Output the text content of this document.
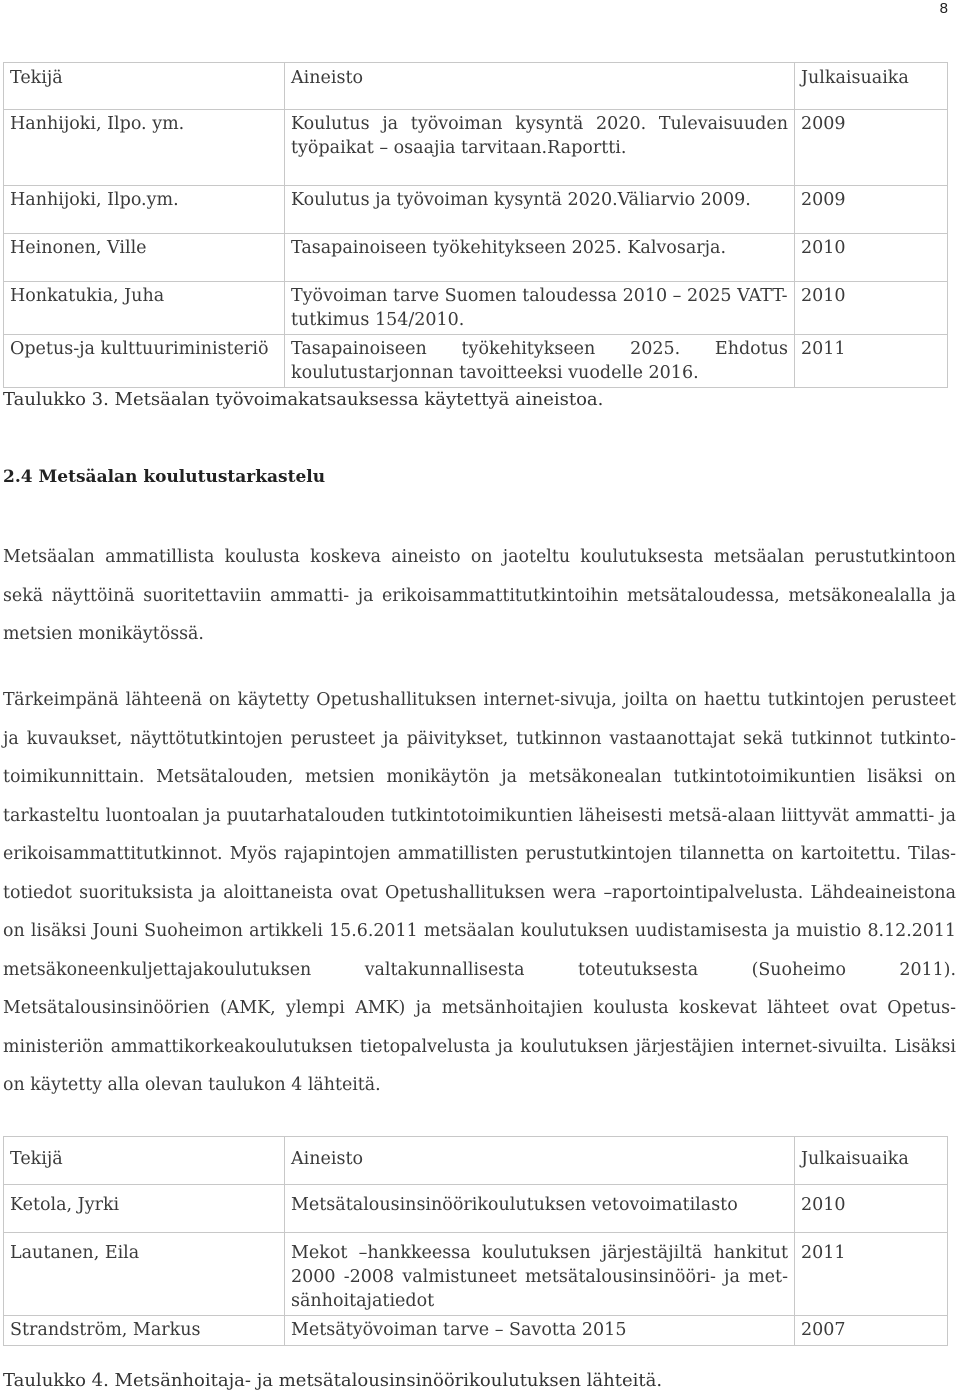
8
Tekijä	Aineisto	Julkaisuaika
Hanhijoki, Ilpo. ym.	Koulutus ja työvoiman kysyntä 2020. Tulevaisuuden työpaikat – osaajia tarvitaan.Raportti.	2009
Hanhijoki, Ilpo.ym.	Koulutus ja työvoiman kysyntä 2020.Väliarvio 2009.	2009
Heinonen, Ville	Tasapainoiseen työkehitykseen 2025. Kalvosarja.	2010
Honkatukia, Juha	Työvoiman tarve Suomen taloudessa 2010 – 2025 VATT- tutkimus 154/2010.	2010
Opetus-ja kulttuuriministeriö	Tasapainoiseen työkehitykseen 2025. Ehdotus koulutustarjonnan tavoitteeksi vuodelle 2016.	2011
Taulukko 3. Metsäalan työvoimakatsauksessa käytettyä aineistoa.
2.4 Metsäalan koulutustarkastelu

Metsäalan ammatillista koulusta koskeva aineisto on jaoteltu koulutuksesta metsäalan perustutkintoon sekä näyttöinä suoritettaviin ammatti- ja erikoisammattitutkintoihin metsätaloudessa, metsäkonealalla ja metsien monikäytössä.

Tärkeimpänä lähteenä on käytetty Opetushallituksen internet-sivuja, joilta on haettu tutkintojen perusteet ja kuvaukset, näyttötutkintojen perusteet ja päivitykset, tutkinnon vastaanottajat sekä tutkinnot tutkintotoimikunnittain. Metsätalouden, metsien monikäytön ja metsäkonealan tutkintotoimikuntien lisäksi on tarkasteltu luontoalan ja puutarhatalouden tutkintotoimikuntien läheisesti metsä-alaan liittyvät ammatti- ja erikoisammattitutkinnot. Myös rajapintojen ammatillisten perustutkintojen tilannetta on kartoitettu. Tilastotiedot suorituksista ja aloittaneista ovat Opetushallituksen wera –raportointipalvelusta. Lähdeaineistona on lisäksi Jouni Suoheimon artikkeli 15.6.2011 metsäalan koulutuksen uudistamisesta ja muistio 8.12.2011 metsäkoneenkuljettajakoulutuksen valtakunnallisesta toteutuksesta (Suoheimo 2011). Metsätalousinsinöörien (AMK, ylempi AMK) ja metsänhoitajien koulusta koskevat lähteet ovat Opetusministeriön ammattikorkeakoulutuksen tietopalvelusta ja koulutuksen järjestäjien internet-sivuilta. Lisäksi on käytetty alla olevan taulukon 4 lähteitä.

Tekijä	Aineisto	Julkaisuaika
Ketola, Jyrki	Metsätalousinsinöörikoulutuksen vetovoimatilasto	2010
Lautanen, Eila	Mekot –hankkeessa koulutuksen järjestäjiltä hankitut 2000 -2008 valmistuneet metsätalousinsinööri- ja metsänhoitajatiedot	2011
Strandström, Markus	Metsätyövoiman tarve – Savotta 2015	2007
Taulukko 4. Metsänhoitaja- ja metsätalousinsinöörikoulutuksen lähteitä.
